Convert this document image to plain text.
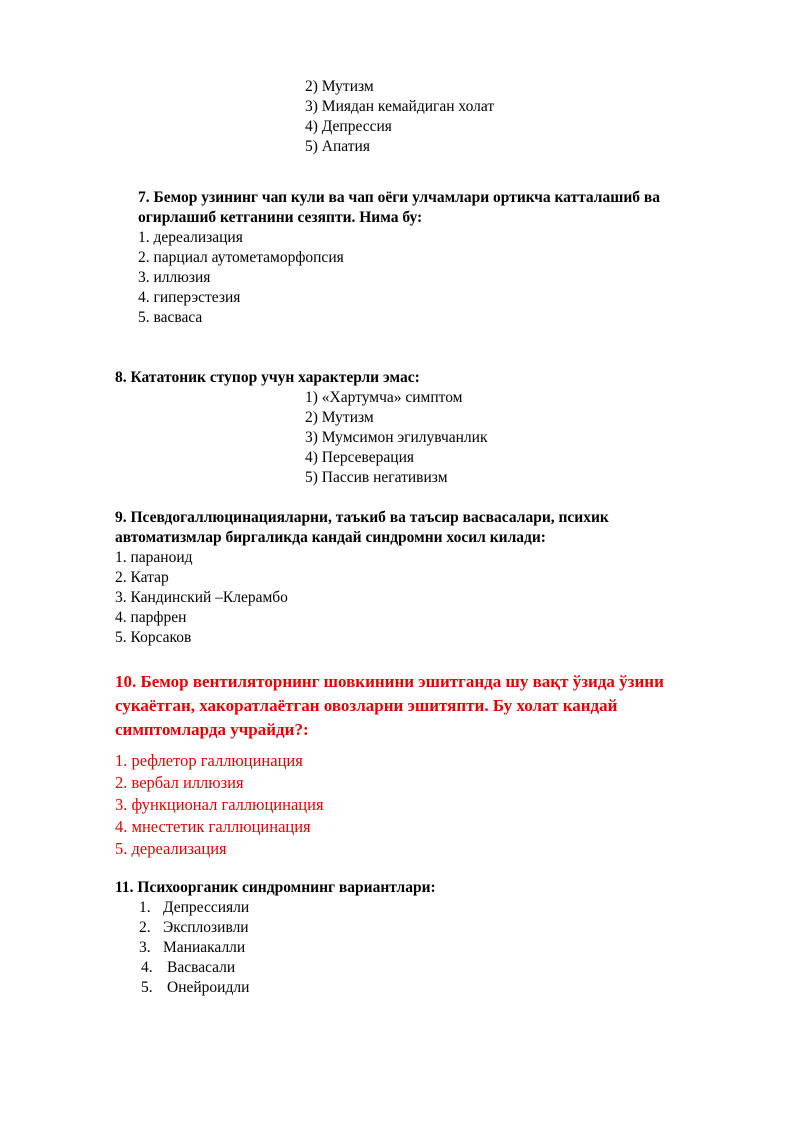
2) Мутизм
3) Миядан кемайдиган холат
4) Депрессия
5) Апатия
7. Бемор узининг чап кули ва чап оёги улчамлари ортикча катталашиб ва
огирлашиб кетганини сезяпти. Нима бу:
1. дереализация
2. парциал аутометаморфопсия
3. иллюзия
4. гиперэстезия
5. васваса
8. Кататоник ступор учун характерли эмас:
1) «Хартумча» симптом
2) Мутизм
3) Мумсимон эгилувчанлик
4) Персеверация
5) Пассив негативизм
9. Псевдогаллюцинацияларни, таъкиб ва таъсир васвасалари, психик
автоматизмлар биргаликда кандай синдромни хосил килади:
1. параноид
2. Катар
3. Кандинский –Клерамбо
4. парфрен
5. Корсаков
10. Бемор вентиляторнинг шовкинини эшитганда шу вақт ўзида ўзини
сукаётган, хакоратлаётган овозларни эшитяпти. Бу холат кандай
симптомларда учрайди?:
1. рефлетор галлюцинация
2. вербал иллюзия
3. функционал галлюцинация
4. мнестетик галлюцинация
5. дереализация
11. Психоорганик синдромнинг вариантлари:
1. Депрессияли
2. Эксплозивли
3. Маниакалли
4. Васвасали
5. Онейроидли
